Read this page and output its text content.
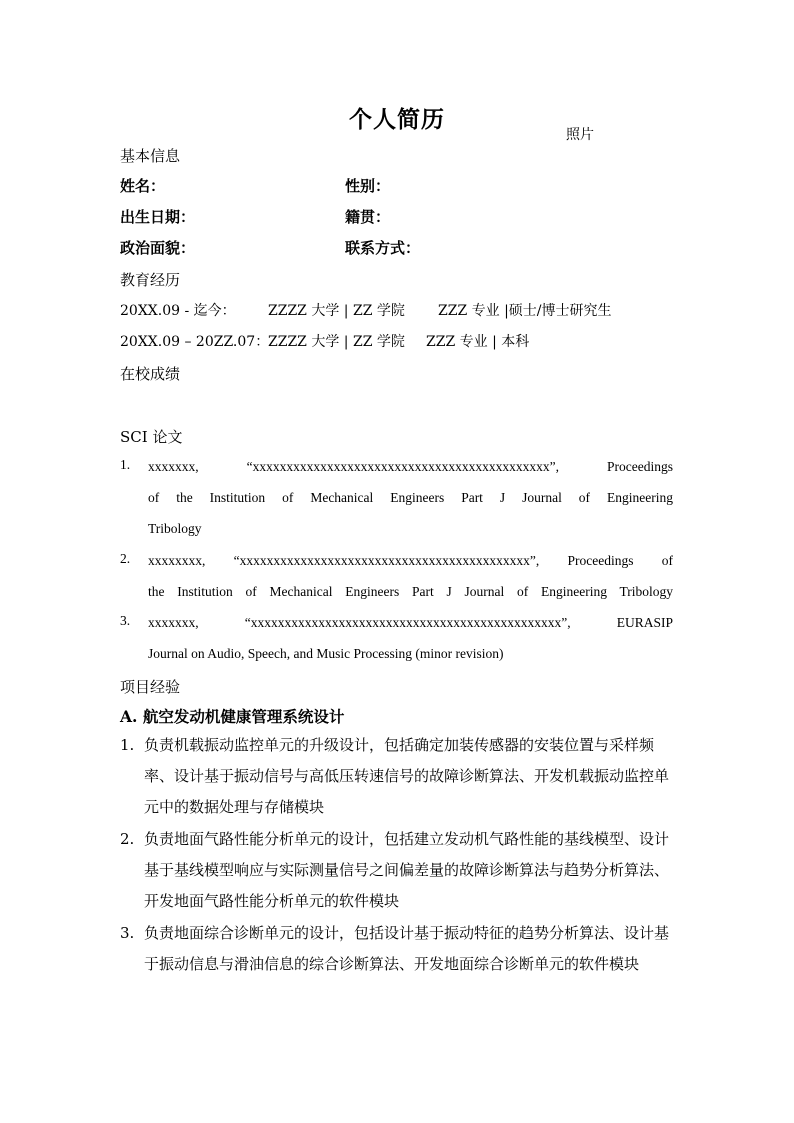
个人简历
照片
基本信息
姓名：	性别：
出生日期：	籍贯：
政治面貌：	联系方式：
教育经历
20XX.09 - 迄今： ZZZZ 大学 | ZZ 学院 ZZZ 专业 |硕士/博士研究生
20XX.09 – 20ZZ.07：ZZZZ 大学 | ZZ 学院 ZZZ 专业 | 本科
在校成绩
SCI 论文
1. xxxxxxx, “xxxxxxxxxxxxxxxxxxxxxxxxxxxxxxxxxxxxxxxxxxxx”, Proceedings
of the Institution of Mechanical Engineers Part J Journal of Engineering
Tribology
2. xxxxxxxx, “xxxxxxxxxxxxxxxxxxxxxxxxxxxxxxxxxxxxxxxxxxx”, Proceedings of
the Institution of Mechanical Engineers Part J Journal of Engineering Tribology
3. xxxxxxx, “xxxxxxxxxxxxxxxxxxxxxxxxxxxxxxxxxxxxxxxxxxxxxx”, EURASIP
Journal on Audio, Speech, and Music Processing (minor revision)
项目经验
A. 航空发动机健康管理系统设计
1. 负责机载振动监控单元的升级设计，包括确定加装传感器的安装位置与采样频率、设计基于振动信号与高低压转速信号的故障诊断算法、开发机载振动监控单元中的数据处理与存储模块
2. 负责地面气路性能分析单元的设计，包括建立发动机气路性能的基线模型、设计基于基线模型响应与实际测量信号之间偏差量的故障诊断算法与趋势分析算法、开发地面气路性能分析单元的软件模块
3. 负责地面综合诊断单元的设计，包括设计基于振动特征的趋势分析算法、设计基于振动信息与滑油信息的综合诊断算法、开发地面综合诊断单元的软件模块
